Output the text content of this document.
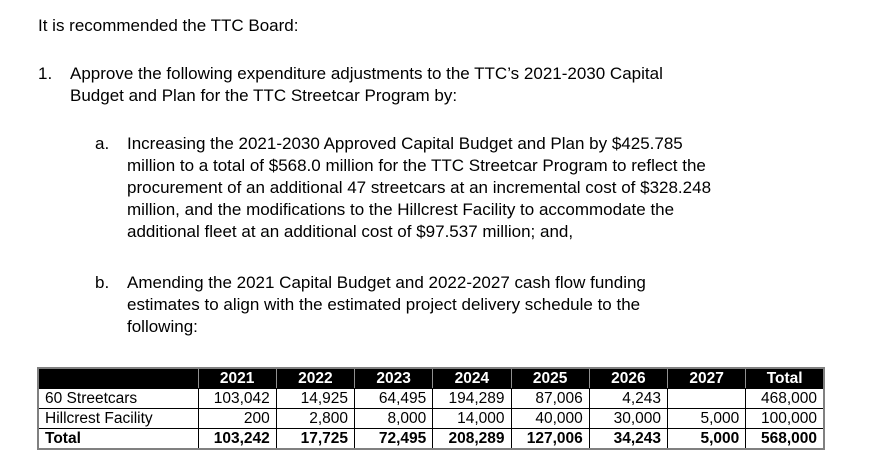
It is recommended the TTC Board:

1. Approve the following expenditure adjustments to the TTC’s 2021-2030 Capital
Budget and Plan for the TTC Streetcar Program by:
a. Increasing the 2021-2030 Approved Capital Budget and Plan by $425.785
million to a total of $568.0 million for the TTC Streetcar Program to reflect the
procurement of an additional 47 streetcars at an incremental cost of $328.248
million, and the modifications to the Hillcrest Facility to accommodate the
additional fleet at an additional cost of $97.537 million; and,
b. Amending the 2021 Capital Budget and 2022-2027 cash flow funding
estimates to align with the estimated project delivery schedule to the
following:
	2021	2022	2023	2024	2025	2026	2027	Total
60 Streetcars	103,042	14,925	64,495	194,289	87,006	4,243		468,000
Hillcrest Facility	200	2,800	8,000	14,000	40,000	30,000	5,000	100,000
Total	103,242	17,725	72,495	208,289	127,006	34,243	5,000	568,000
